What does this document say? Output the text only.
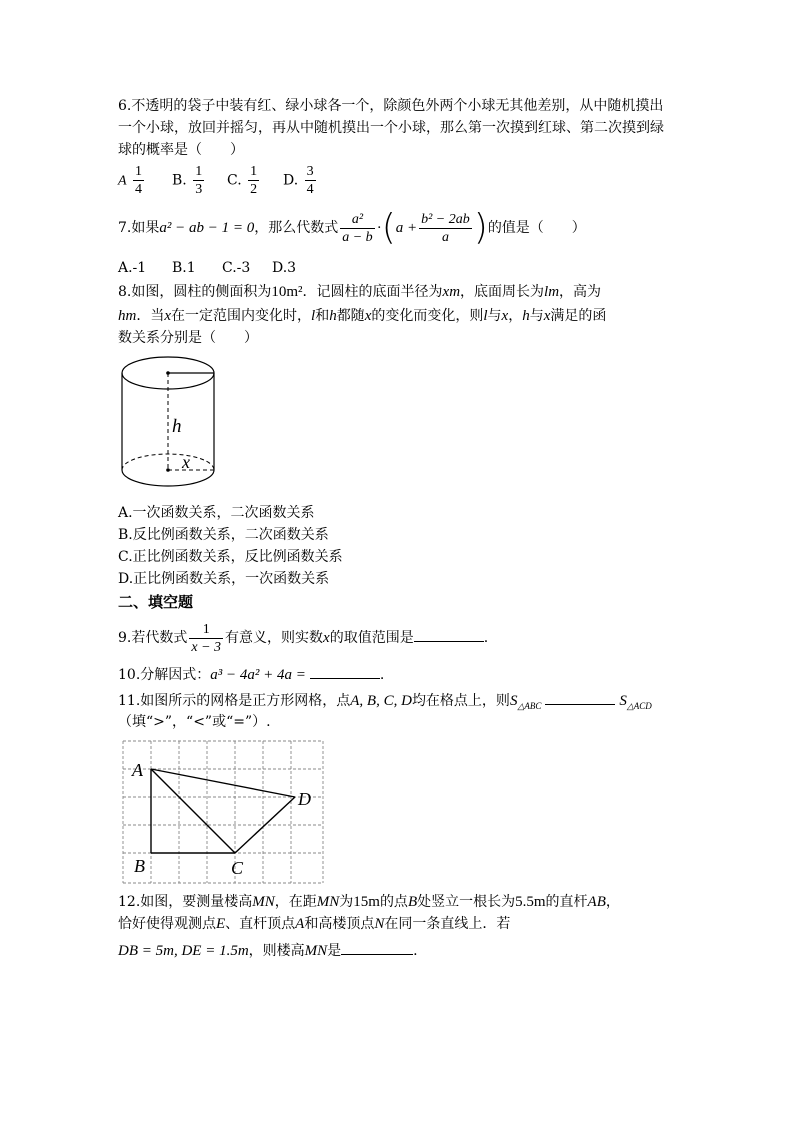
6.不透明的袋子中装有红、绿小球各一个，除颜色外两个小球无其他差别，从中随机摸出
一个小球，放回并摇匀，再从中随机摸出一个小球，那么第一次摸到红球、第二次摸到绿
球的概率是（　　）
A $\frac{1}{4} B$. $\frac{1}{3} C$. $\frac{1}{2} D$. $\frac{3}{4}$
7.如果a² − ab − 1 = 0，那么代数式 $\frac{\text{a²}}{a - b} \cdot(a + \frac{\text{b² − 2ab}}{a}$ )的值是（　　）
A.-1 B.1 C.-3 D.3
8.如图，圆柱的侧面积为10m²．记圆柱的底面半径为xm，底面周长为lm，高为
hm．当x在一定范围内变化时，l和h都随x的变化而变化，则l与x，h与x满足的函
数关系分别是（　　）
h
x
A.一次函数关系，二次函数关系
B.反比例函数关系，二次函数关系
C.正比例函数关系，反比例函数关系
D.正比例函数关系，一次函数关系
二、填空题
9.若代数式 $\frac{1}{x - 3}$ 有意义，则实数x的取值范围是	.
10.分解因式：a³ − 4a² + 4a =	.
11.如图所示的网格是正方形网格，点A, B, C, D均在格点上，则$S_{\triangle ABC}$	$S_{\triangle ACD}$
（填“>”，“<”或“=”）.
A
B	C
D
12.如图，要测量楼高MN，在距MN为15m的点B处竖立一根长为5.5m的直杆AB，
恰好使得观测点E、直杆顶点A和高楼顶点N在同一条直线上．若
DB = 5m, DE = 1.5m，则楼高MN是	.
